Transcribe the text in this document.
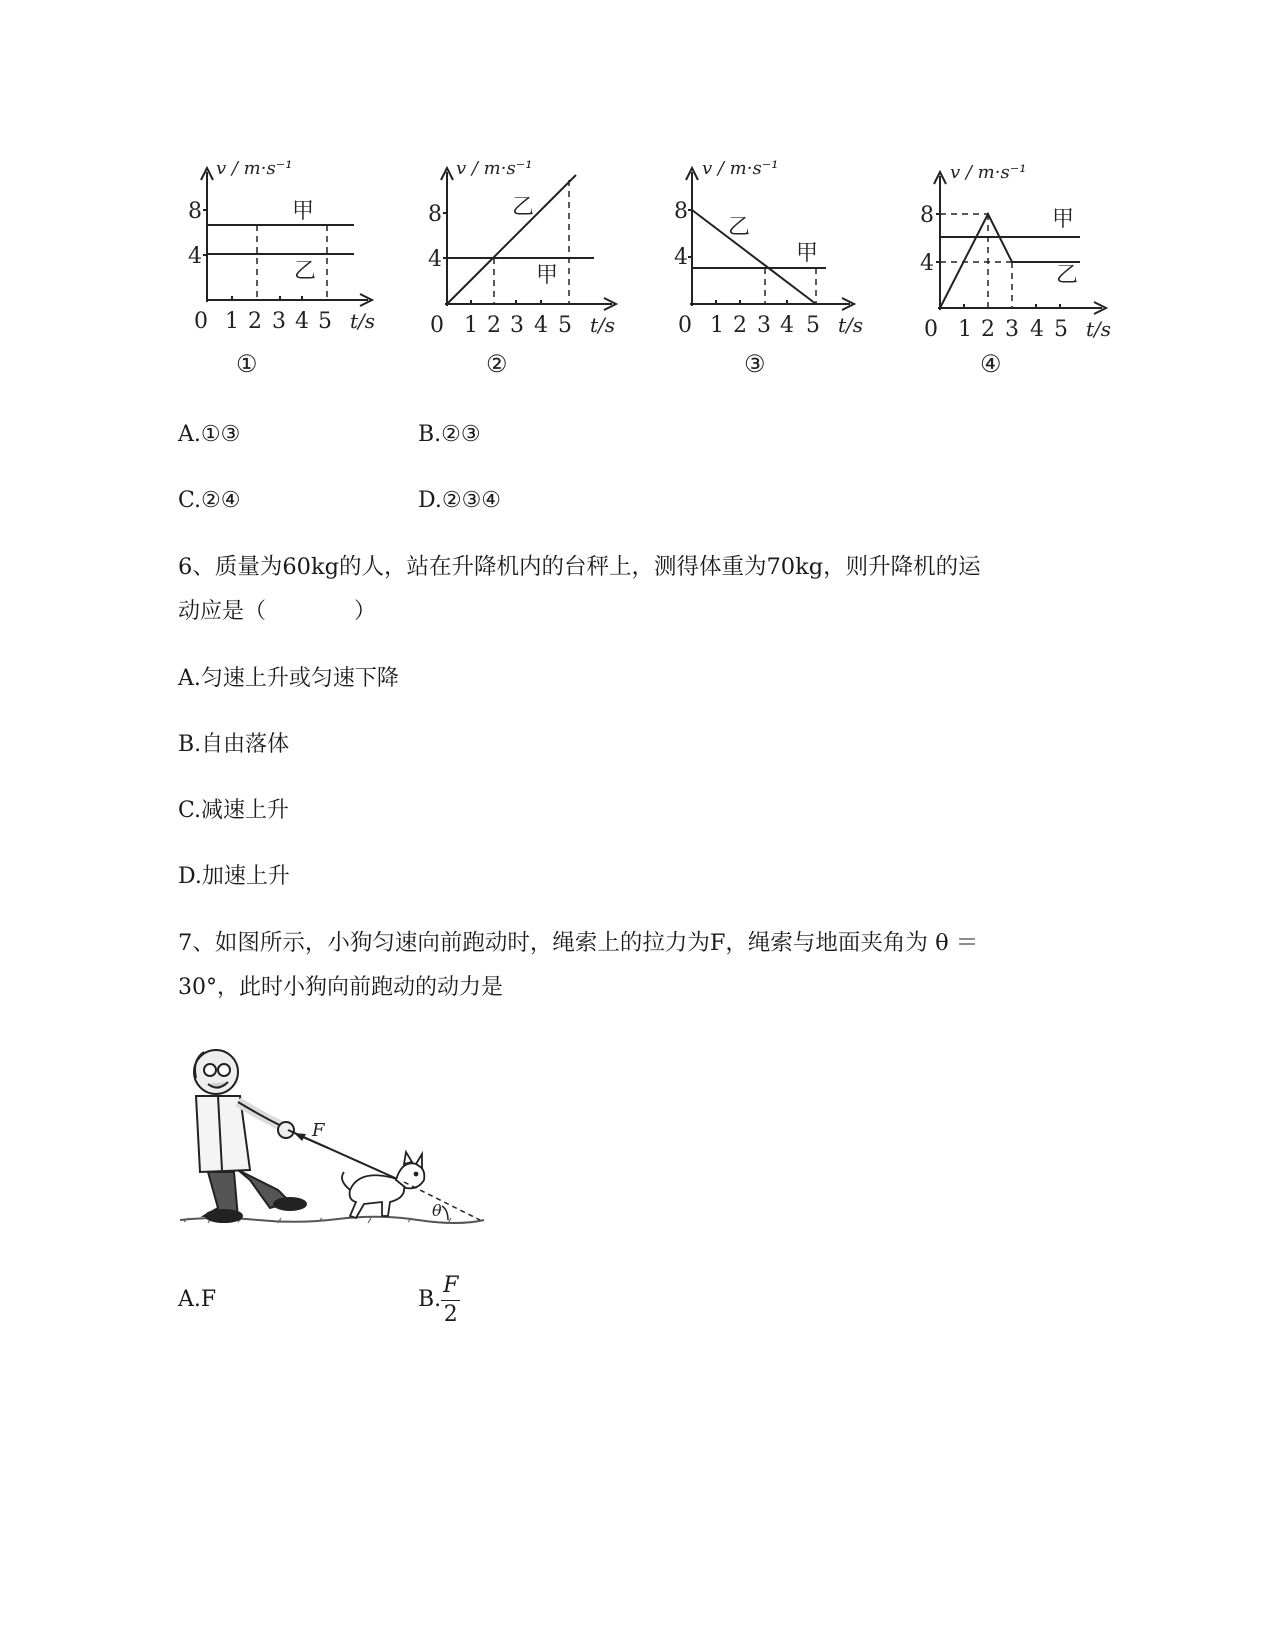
v / m·s⁻¹
8
4
0 1 2 3 4 5 t/s
甲
乙
①
v / m·s⁻¹
8
4
0 1 2 3 4 5 t/s
甲
乙
②
v / m·s⁻¹
8
4
0 1 2 3 4 5 t/s
甲
乙
③
v / m·s⁻¹
8
4
0 1 2 3 4 5 t/s
甲
乙
④
A.①③	B.②③
C.②④	D.②③④
6、质量为60kg的人，站在升降机内的台秤上，测得体重为70kg，则升降机的运
动应是（　　　　）
A.匀速上升或匀速下降
B.自由落体
C.减速上升
D.加速上升
7、如图所示，小狗匀速向前跑动时，绳索上的拉力为F，绳索与地面夹角为 θ ＝
30°，此时小狗向前跑动的动力是
F
θ
A.F	B. $\frac{F}{2}$
